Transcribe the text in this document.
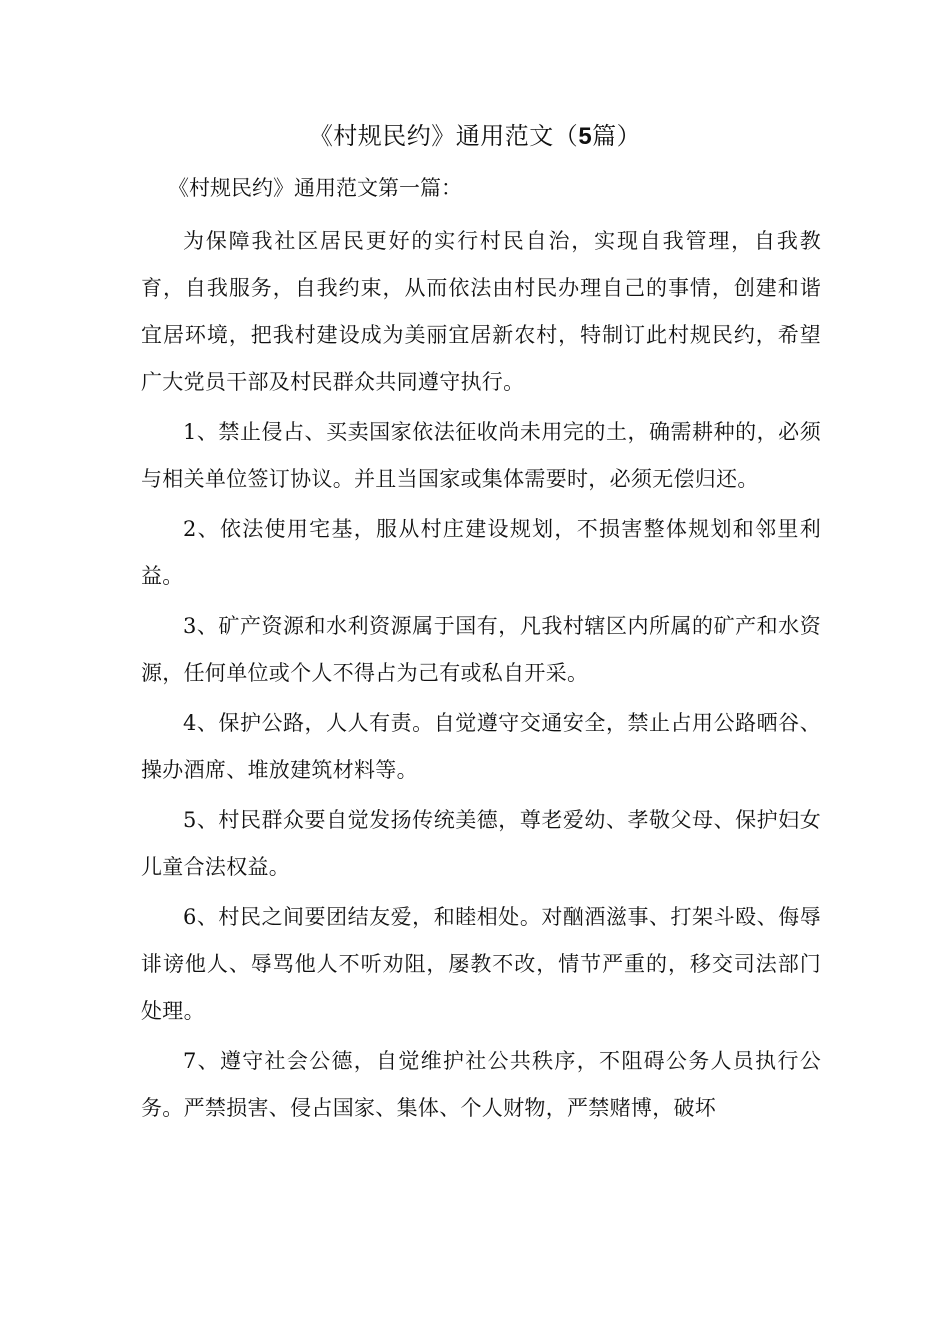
《村规民约》通用范文（5篇）
《村规民约》通用范文第一篇：

为保障我社区居民更好的实行村民自治，实现自我管理，自我教育，自我服务，自我约束，从而依法由村民办理自己的事情，创建和谐宜居环境，把我村建设成为美丽宜居新农村，特制订此村规民约，希望广大党员干部及村民群众共同遵守执行。

1、禁止侵占、买卖国家依法征收尚未用完的土，确需耕种的，必须与相关单位签订协议。并且当国家或集体需要时，必须无偿归还。

2、依法使用宅基，服从村庄建设规划，不损害整体规划和邻里利益。

3、矿产资源和水利资源属于国有，凡我村辖区内所属的矿产和水资源，任何单位或个人不得占为己有或私自开采。

4、保护公路，人人有责。自觉遵守交通安全，禁止占用公路晒谷、操办酒席、堆放建筑材料等。

5、村民群众要自觉发扬传统美德，尊老爱幼、孝敬父母、保护妇女儿童合法权益。

6、村民之间要团结友爱，和睦相处。对酗酒滋事、打架斗殴、侮辱诽谤他人、辱骂他人不听劝阻，屡教不改，情节严重的，移交司法部门处理。

7、遵守社会公德，自觉维护社公共秩序，不阻碍公务人员执行公务。严禁损害、侵占国家、集体、个人财物，严禁赌博，破坏
